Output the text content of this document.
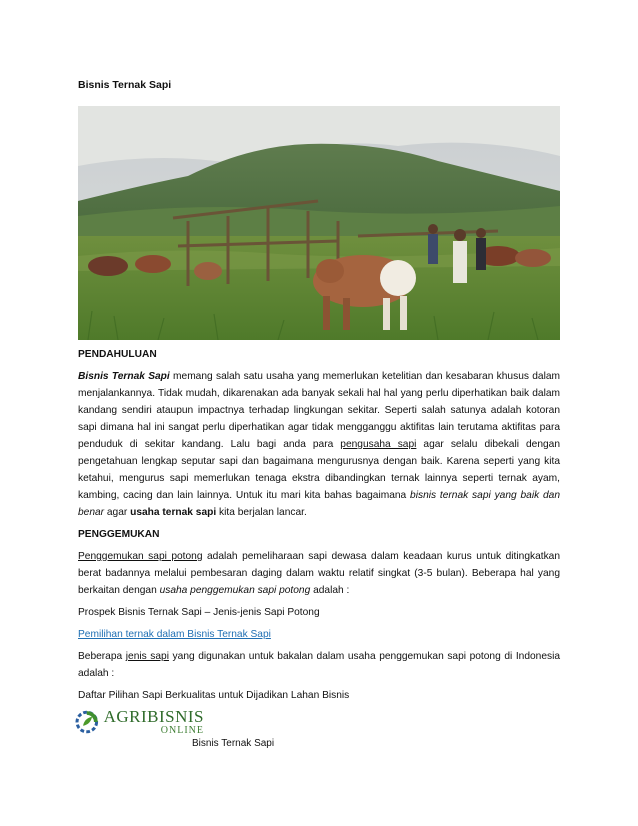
Bisnis Ternak Sapi

PENDAHULUAN

Bisnis Ternak Sapi memang salah satu usaha yang memerlukan ketelitian dan kesabaran khusus dalam menjalankannya. Tidak mudah, dikarenakan ada banyak sekali hal hal yang perlu diperhatikan baik dalam kandang sendiri ataupun impactnya terhadap lingkungan sekitar. Seperti salah satunya adalah kotoran sapi dimana hal ini sangat perlu diperhatikan agar tidak mengganggu aktifitas lain terutama aktifitas para penduduk di sekitar kandang. Lalu bagi anda para pengusaha sapi agar selalu dibekali dengan pengetahuan lengkap seputar sapi dan bagaimana mengurusnya dengan baik. Karena seperti yang kita ketahui, mengurus sapi memerlukan tenaga ekstra dibandingkan ternak lainnya seperti ternak ayam, kambing, cacing dan lain lainnya. Untuk itu mari kita bahas bagaimana bisnis ternak sapi yang baik dan benar agar usaha ternak sapi kita berjalan lancar.

PENGGEMUKAN

Penggemukan sapi potong adalah pemeliharaan sapi dewasa dalam keadaan kurus untuk ditingkatkan berat badannya melalui pembesaran daging dalam waktu relatif singkat (3-5 bulan). Beberapa hal yang berkaitan dengan usaha penggemukan sapi potong adalah :

Prospek Bisnis Ternak Sapi – Jenis-jenis Sapi Potong

Pemilihan ternak dalam Bisnis Ternak Sapi

Beberapa jenis sapi yang digunakan untuk bakalan dalam usaha penggemukan sapi potong di Indonesia adalah :

Daftar Pilihan Sapi Berkualitas untuk Dijadikan Lahan Bisnis

AGRIBISNIS
ONLINE
Bisnis Ternak Sapi
